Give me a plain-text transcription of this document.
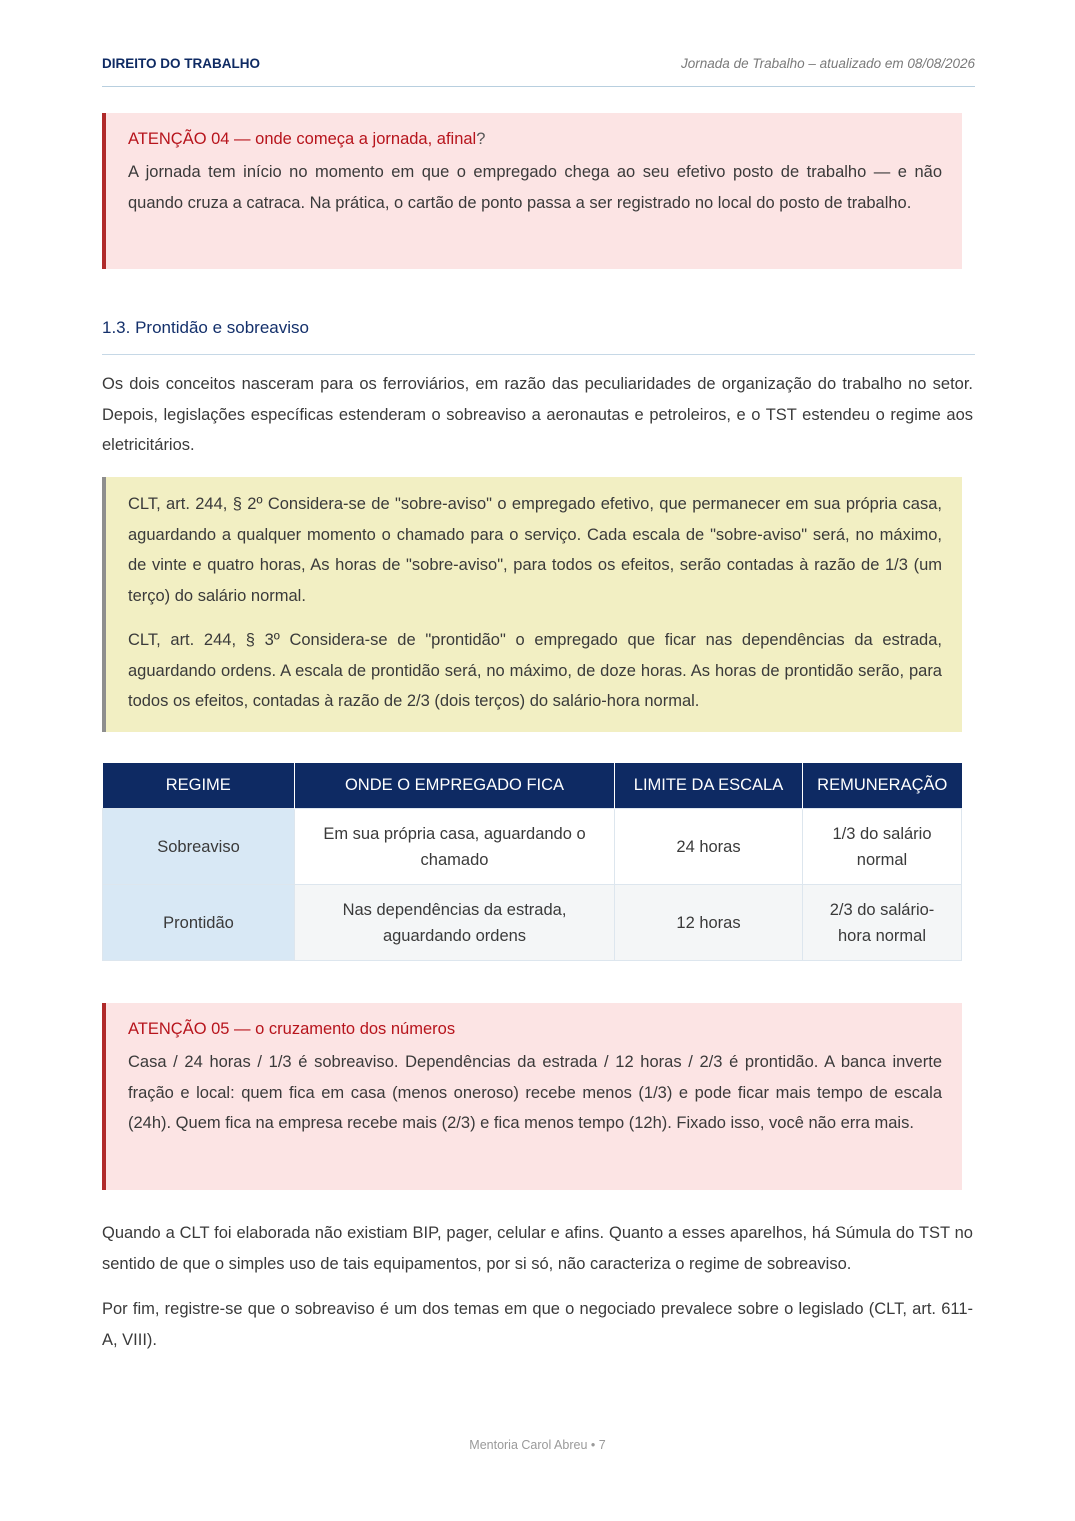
DIREITO DO TRABALHO	Jornada de Trabalho – atualizado em 08/08/2026
ATENÇÃO 04 — onde começa a jornada, afinal?

A jornada tem início no momento em que o empregado chega ao seu efetivo posto de trabalho — e não quando cruza a catraca. Na prática, o cartão de ponto passa a ser registrado no local do posto de trabalho.

1.3. Prontidão e sobreaviso

Os dois conceitos nasceram para os ferroviários, em razão das peculiaridades de organização do trabalho no setor. Depois, legislações específicas estenderam o sobreaviso a aeronautas e petroleiros, e o TST estendeu o regime aos eletricitários.

CLT, art. 244, § 2º Considera-se de "sobre-aviso" o empregado efetivo, que permanecer em sua própria casa, aguardando a qualquer momento o chamado para o serviço. Cada escala de "sobre-aviso" será, no máximo, de vinte e quatro horas, As horas de "sobre-aviso", para todos os efeitos, serão contadas à razão de 1/3 (um terço) do salário normal.

CLT, art. 244, § 3º Considera-se de "prontidão" o empregado que ficar nas dependências da estrada, aguardando ordens. A escala de prontidão será, no máximo, de doze horas. As horas de prontidão serão, para todos os efeitos, contadas à razão de 2/3 (dois terços) do salário-hora normal.

REGIME	ONDE O EMPREGADO FICA	LIMITE DA ESCALA	REMUNERAÇÃO
Sobreaviso	Em sua própria casa, aguardando o chamado	24 horas	1/3 do salário normal
Prontidão	Nas dependências da estrada, aguardando ordens	12 horas	2/3 do salário-hora normal
ATENÇÃO 05 — o cruzamento dos números

Casa / 24 horas / 1/3 é sobreaviso. Dependências da estrada / 12 horas / 2/3 é prontidão. A banca inverte fração e local: quem fica em casa (menos oneroso) recebe menos (1/3) e pode ficar mais tempo de escala (24h). Quem fica na empresa recebe mais (2/3) e fica menos tempo (12h). Fixado isso, você não erra mais.

Quando a CLT foi elaborada não existiam BIP, pager, celular e afins. Quanto a esses aparelhos, há Súmula do TST no sentido de que o simples uso de tais equipamentos, por si só, não caracteriza o regime de sobreaviso.

Por fim, registre-se que o sobreaviso é um dos temas em que o negociado prevalece sobre o legislado (CLT, art. 611-A, VIII).

Mentoria Carol Abreu • 7
